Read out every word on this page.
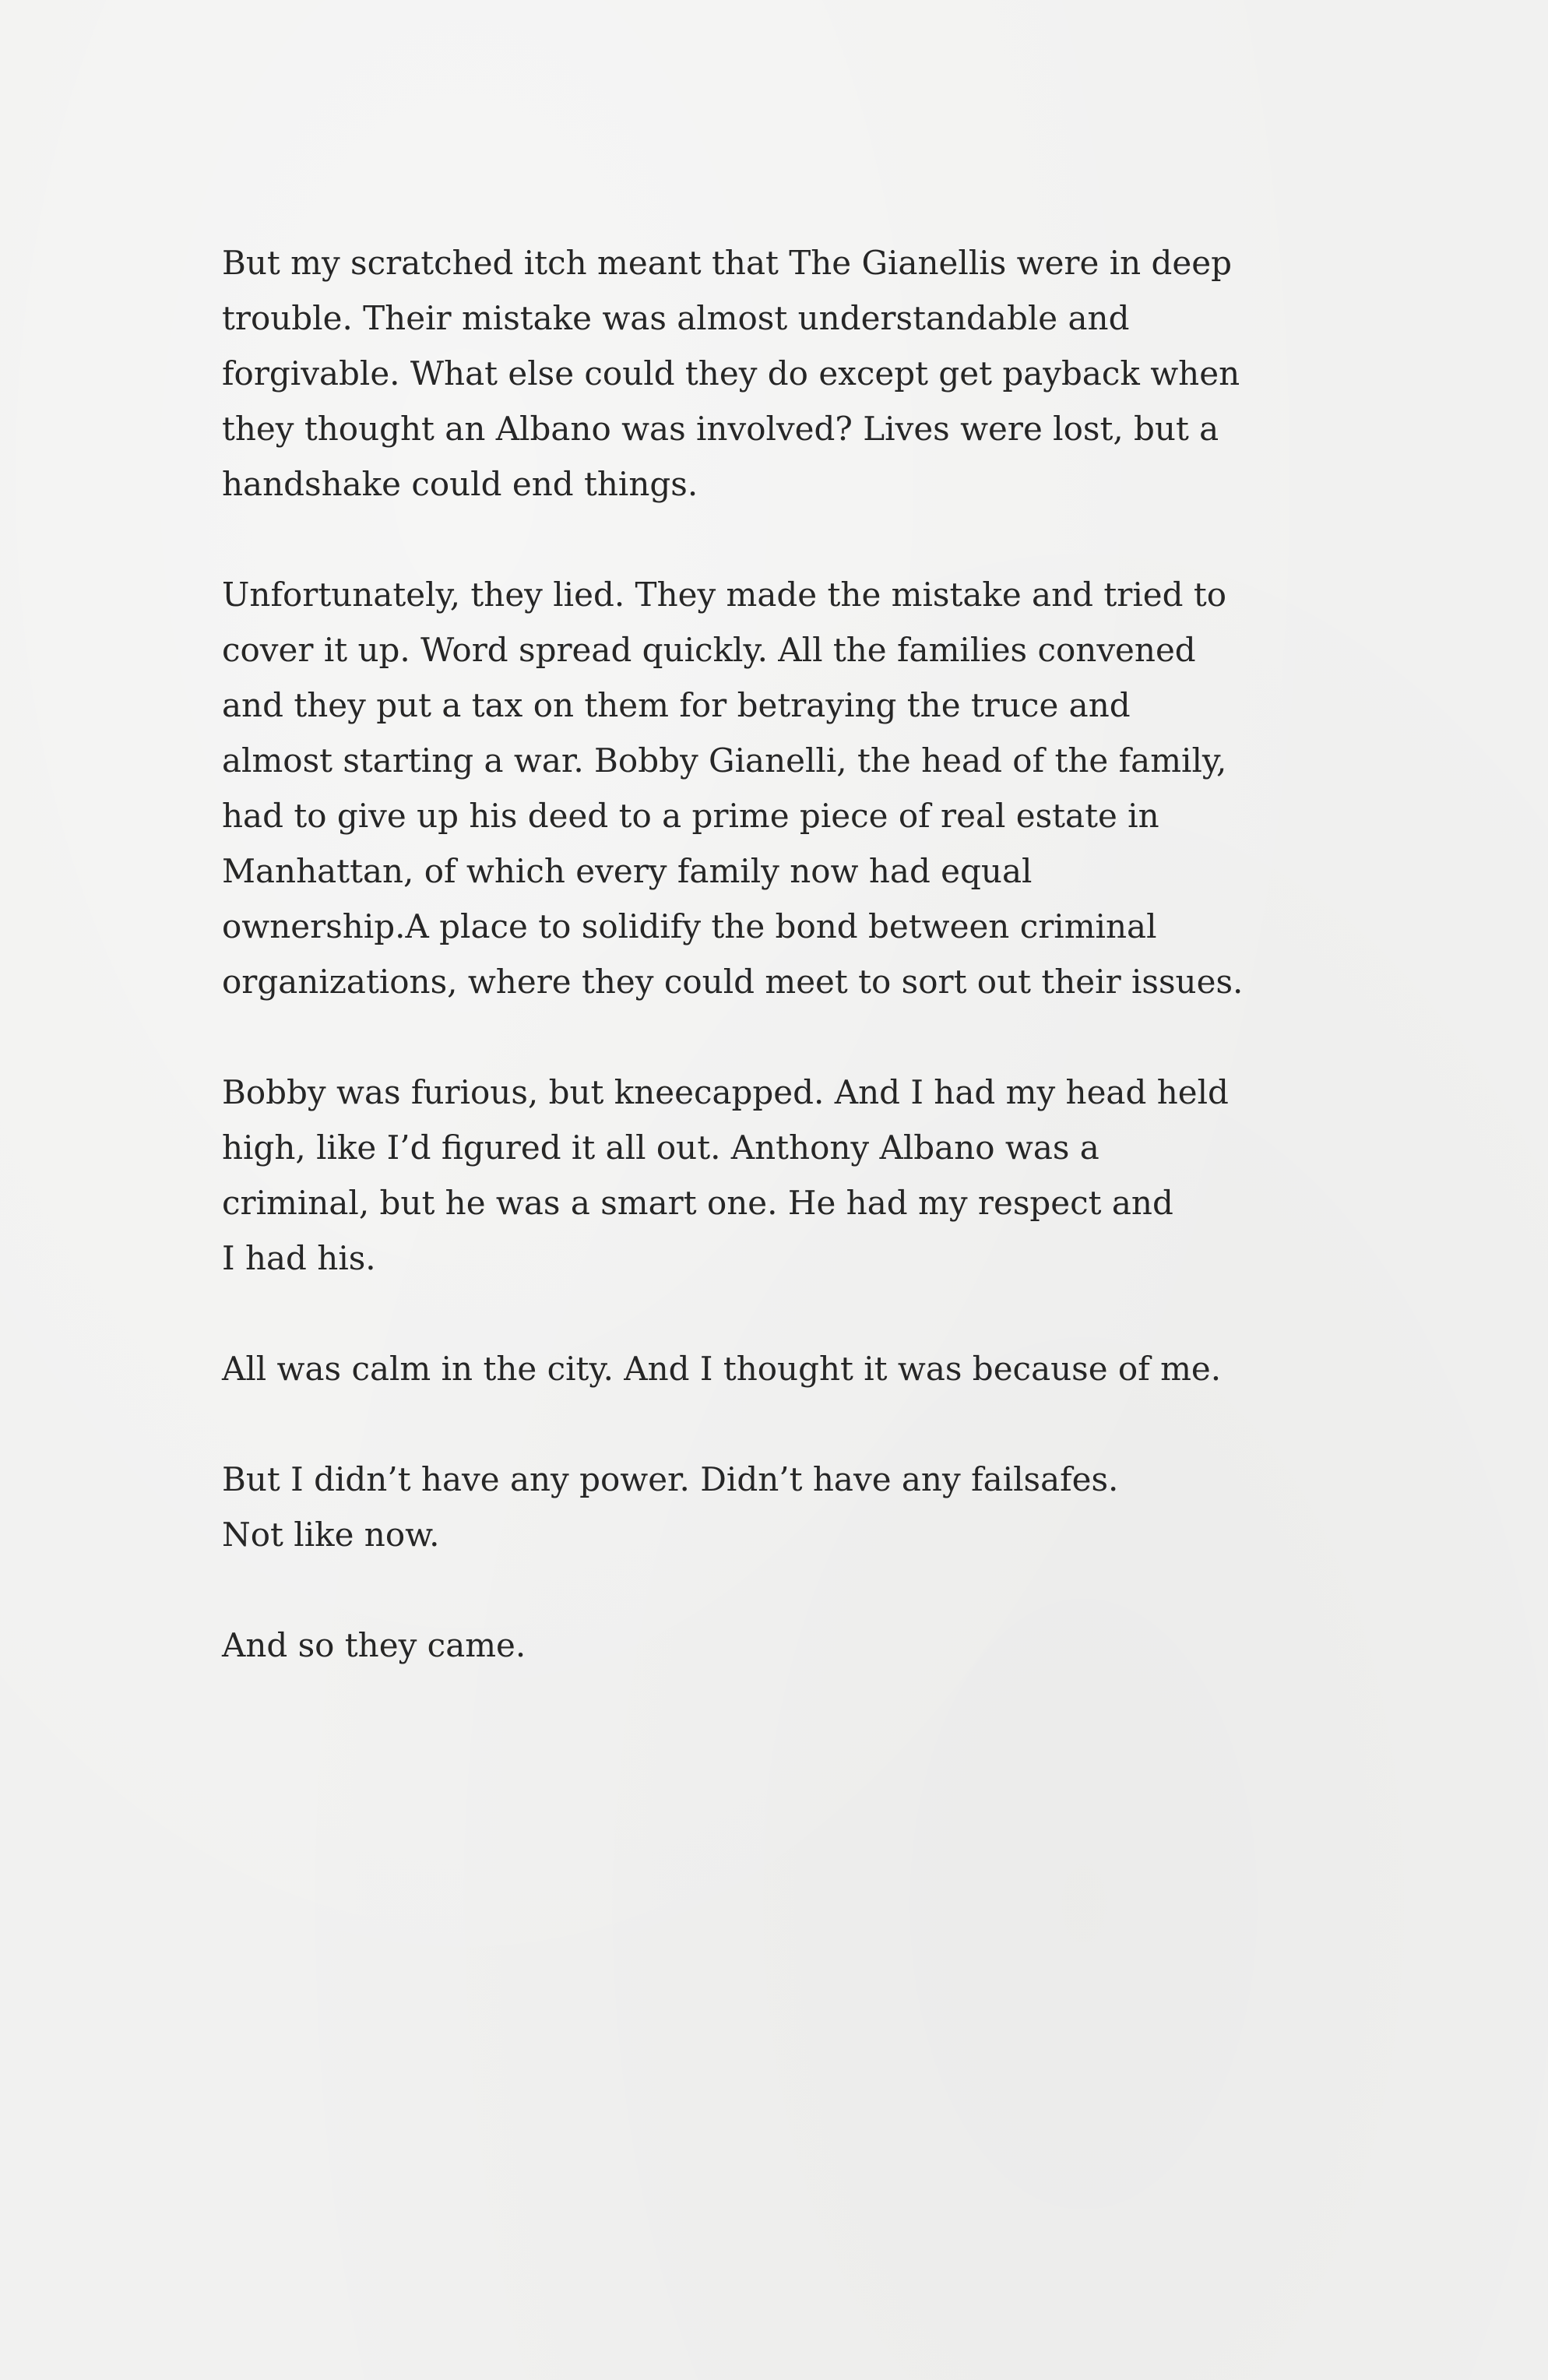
But my scratched itch meant that The Gianellis were in deep
trouble. Their mistake was almost understandable and
forgivable. What else could they do except get payback when
they thought an Albano was involved? Lives were lost, but a
handshake could end things.

Unfortunately, they lied. They made the mistake and tried to
cover it up. Word spread quickly. All the families convened
and they put a tax on them for betraying the truce and
almost starting a war. Bobby Gianelli, the head of the family,
had to give up his deed to a prime piece of real estate in
Manhattan, of which every family now had equal
ownership.A place to solidify the bond between criminal
organizations, where they could meet to sort out their issues.

Bobby was furious, but kneecapped. And I had my head held
high, like I’d figured it all out. Anthony Albano was a
criminal, but he was a smart one. He had my respect and
I had his.

All was calm in the city. And I thought it was because of me.

But I didn’t have any power. Didn’t have any failsafes.
Not like now.

And so they came.
